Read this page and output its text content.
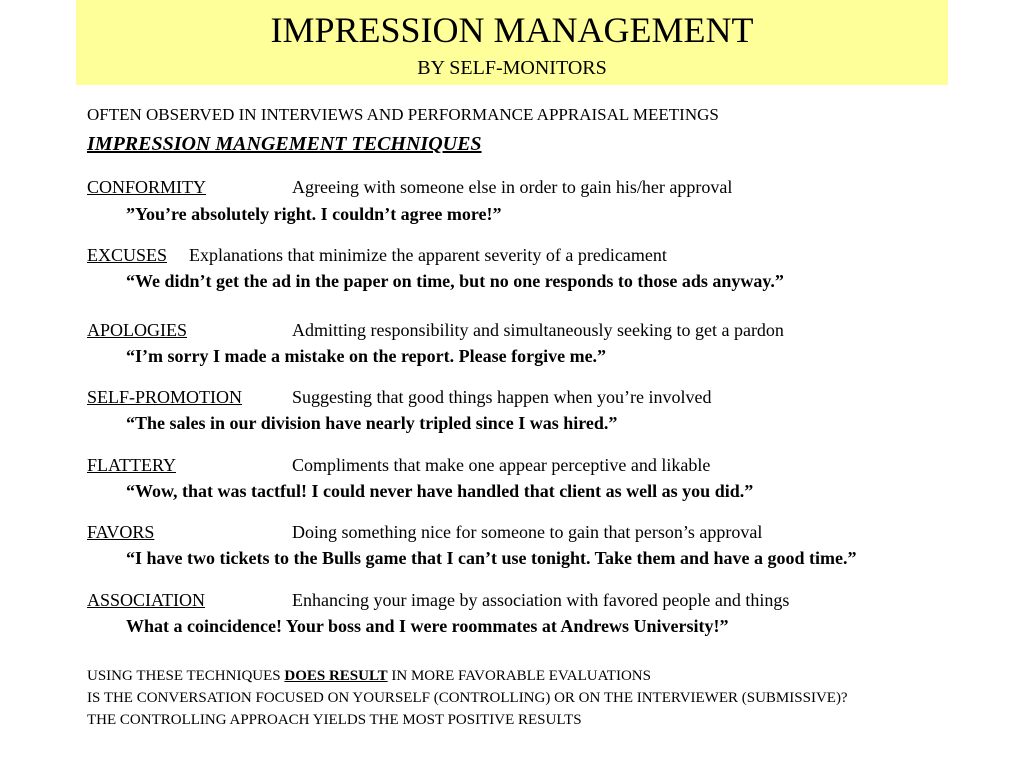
IMPRESSION MANAGEMENT
BY SELF-MONITORS
OFTEN OBSERVED IN INTERVIEWS AND PERFORMANCE APPRAISAL MEETINGS
IMPRESSION MANGEMENT TECHNIQUES
CONFORMITY	Agreeing with someone else in order to gain his/her approval
”You’re absolutely right. I couldn’t agree more!”
EXCUSES Explanations that minimize the apparent severity of a predicament
“We didn’t get the ad in the paper on time, but no one responds to those ads anyway.”
APOLOGIES	Admitting responsibility and simultaneously seeking to get a pardon
“I’m sorry I made a mistake on the report. Please forgive me.”
SELF-PROMOTION	Suggesting that good things happen when you’re involved
“The sales in our division have nearly tripled since I was hired.”
FLATTERY	Compliments that make one appear perceptive and likable
“Wow, that was tactful! I could never have handled that client as well as you did.”
FAVORS	Doing something nice for someone to gain that person’s approval
“I have two tickets to the Bulls game that I can’t use tonight. Take them and have a good time.”
ASSOCIATION	Enhancing your image by association with favored people and things
What a coincidence! Your boss and I were roommates at Andrews University!”
USING THESE TECHNIQUES DOES RESULT IN MORE FAVORABLE EVALUATIONS
IS THE CONVERSATION FOCUSED ON YOURSELF (CONTROLLING) OR ON THE INTERVIEWER (SUBMISSIVE)?
THE CONTROLLING APPROACH YIELDS THE MOST POSITIVE RESULTS
